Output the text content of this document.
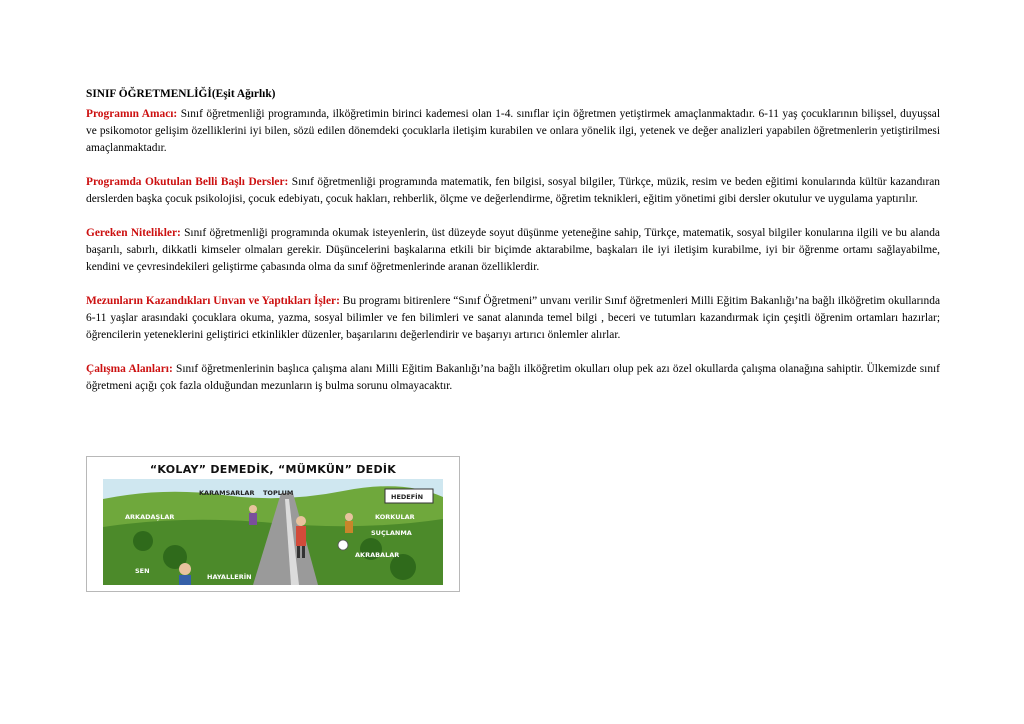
SINIF ÖĞRETMENLİĞİ(Eşit Ağırlık)

Programın Amacı: Sınıf öğretmenliği programında, ilköğretimin birinci kademesi olan 1-4. sınıflar için öğretmen yetiştirmek amaçlanmaktadır. 6-11 yaş çocuklarının bilişsel, duyuşsal ve psikomotor gelişim özelliklerini iyi bilen, sözü edilen dönemdeki çocuklarla iletişim kurabilen ve onlara yönelik ilgi, yetenek ve değer analizleri yapabilen öğretmenlerin yetiştirilmesi amaçlanmaktadır.

Programda Okutulan Belli Başlı Dersler: Sınıf öğretmenliği programında matematik, fen bilgisi, sosyal bilgiler, Türkçe, müzik, resim ve beden eğitimi konularında kültür kazandıran derslerden başka çocuk psikolojisi, çocuk edebiyatı, çocuk hakları, rehberlik, ölçme ve değerlendirme, öğretim teknikleri, eğitim yönetimi gibi dersler okutulur ve uygulama yaptırılır.

Gereken Nitelikler: Sınıf öğretmenliği programında okumak isteyenlerin, üst düzeyde soyut düşünme yeteneğine sahip, Türkçe, matematik, sosyal bilgiler konularına ilgili ve bu alanda başarılı, sabırlı, dikkatli kimseler olmaları gerekir. Düşüncelerini başkalarına etkili bir biçimde aktarabilme, başkaları ile iyi iletişim kurabilme, iyi bir öğrenme ortamı sağlayabilme, kendini ve çevresindekileri geliştirme çabasında olma da sınıf öğretmenlerinde aranan özelliklerdir.

Mezunların Kazandıkları Unvan ve Yaptıkları İşler: Bu programı bitirenlere “Sınıf Öğretmeni” unvanı verilir Sınıf öğretmenleri Milli Eğitim Bakanlığı’na bağlı ilköğretim okullarında 6-11 yaşlar arasındaki çocuklara okuma, yazma, sosyal bilimler ve fen bilimleri ve sanat alanında temel bilgi , beceri ve tutumları kazandırmak için çeşitli öğrenim ortamları hazırlar; öğrencilerin yeteneklerini geliştirici etkinlikler düzenler, başarılarını değerlendirir ve başarıyı artırıcı önlemler alırlar.

Çalışma Alanları: Sınıf öğretmenlerinin başlıca çalışma alanı Milli Eğitim Bakanlığı’na bağlı ilköğretim okulları olup pek azı özel okullarda çalışma olanağına sahiptir. Ülkemizde sınıf öğretmeni açığı çok fazla olduğundan mezunların iş bulma sorunu olmayacaktır.

“KOLAY” DEMEDİK, “MÜMKÜN” DEDİK
KARAMSARLAR TOPLUM	HEDEFİN
ARKADAŞLAR	KORKULAR
SUÇLANMA
AKRABALAR
SEN
HAYALLERİN
